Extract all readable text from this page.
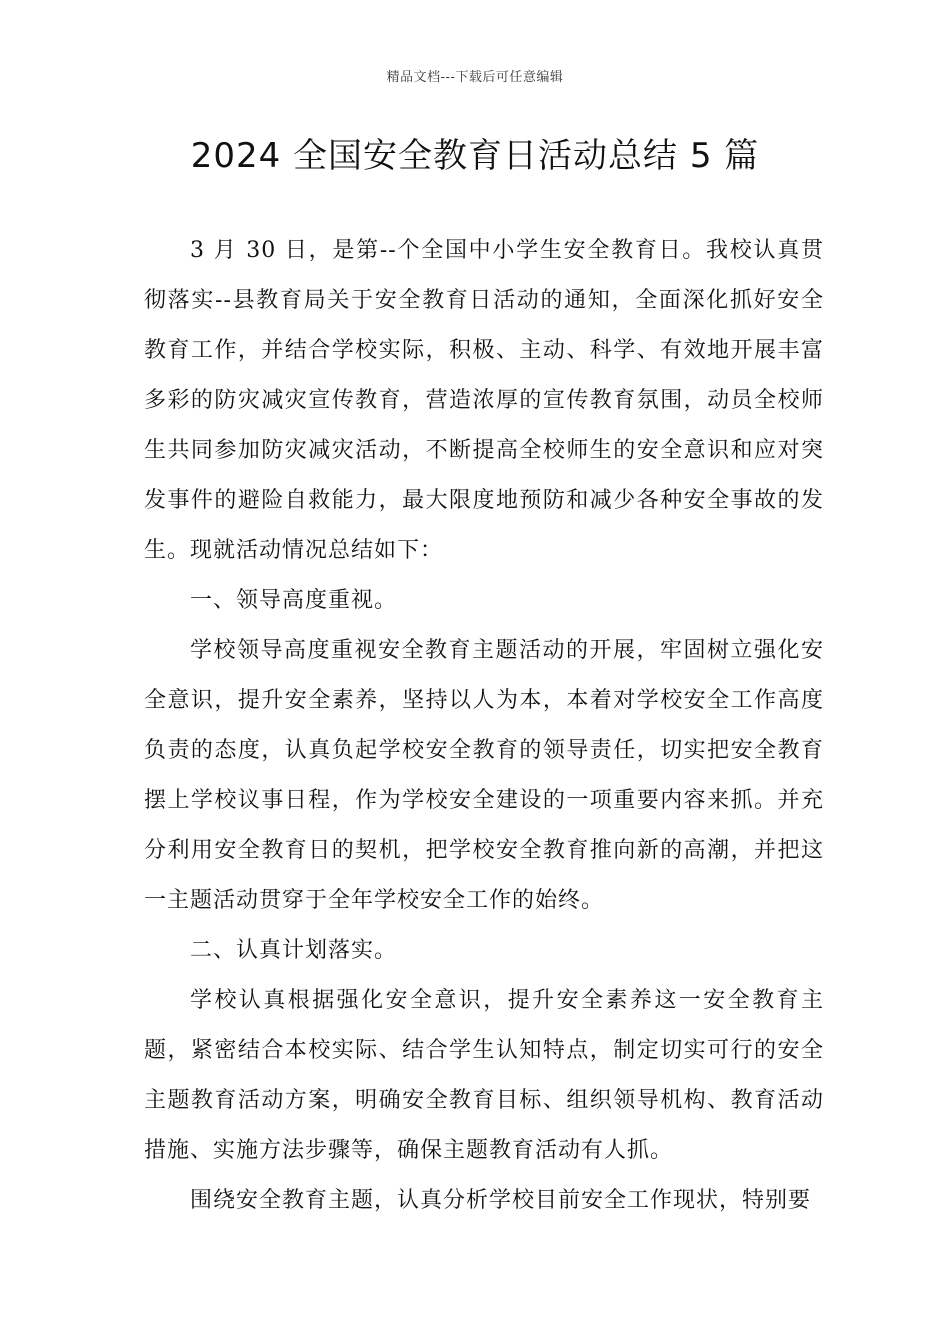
精品文档---下载后可任意编辑
2024 全国安全教育日活动总结 5 篇

3 月 30 日，是第--个全国中小学生安全教育日。我校认真贯彻落实--县教育局关于安全教育日活动的通知，全面深化抓好安全教育工作，并结合学校实际，积极、主动、科学、有效地开展丰富多彩的防灾减灾宣传教育，营造浓厚的宣传教育氛围，动员全校师生共同参加防灾减灾活动，不断提高全校师生的安全意识和应对突发事件的避险自救能力，最大限度地预防和减少各种安全事故的发生。现就活动情况总结如下：

一、领导高度重视。

学校领导高度重视安全教育主题活动的开展，牢固树立强化安全意识，提升安全素养，坚持以人为本，本着对学校安全工作高度负责的态度，认真负起学校安全教育的领导责任，切实把安全教育摆上学校议事日程，作为学校安全建设的一项重要内容来抓。并充分利用安全教育日的契机，把学校安全教育推向新的高潮，并把这一主题活动贯穿于全年学校安全工作的始终。

二、认真计划落实。

学校认真根据强化安全意识，提升安全素养这一安全教育主题，紧密结合本校实际、结合学生认知特点，制定切实可行的安全主题教育活动方案，明确安全教育目标、组织领导机构、教育活动措施、实施方法步骤等，确保主题教育活动有人抓。

围绕安全教育主题，认真分析学校目前安全工作现状，特别要
